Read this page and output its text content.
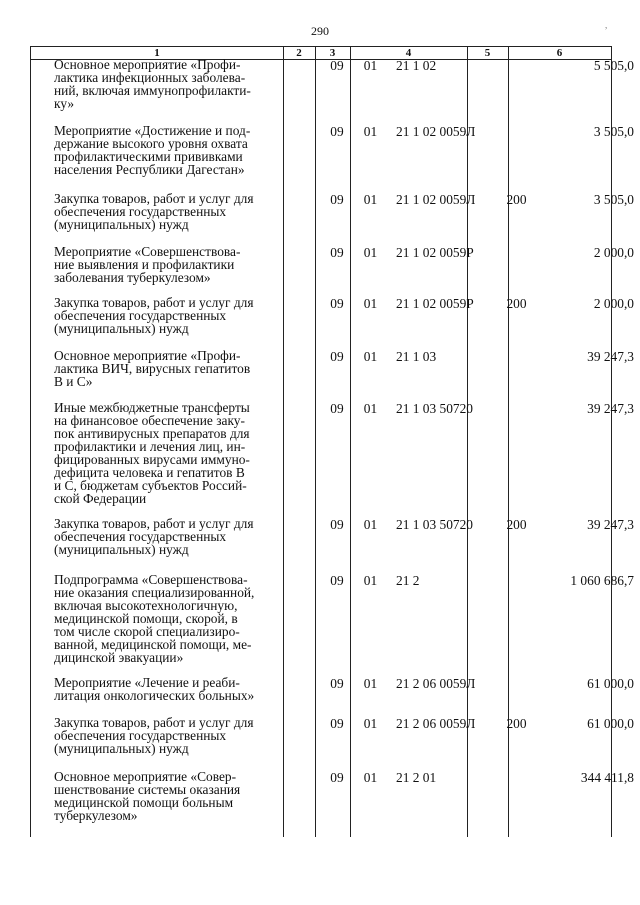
290	,
1	2	3	4	5	6
Основное мероприятие «Профи-
лактика инфекционных заболева-
ний, включая иммунопрофилакти-
ку»
09	01	21 1 02	5 505,0
Мероприятие «Достижение и под-
держание высокого уровня охвата
профилактическими прививками
населения Республики Дагестан»
09	01	21 1 02 0059Л	3 505,0
Закупка товаров, работ и услуг для
обеспечения государственных
(муниципальных) нужд
09	01	21 1 02 0059Л	200	3 505,0
Мероприятие «Совершенствова-
ние выявления и профилактики
заболевания туберкулезом»
09	01	21 1 02 0059Р	2 000,0
Закупка товаров, работ и услуг для
обеспечения государственных
(муниципальных) нужд
09	01	21 1 02 0059Р	200	2 000,0
Основное мероприятие «Профи-
лактика ВИЧ, вирусных гепатитов
В и С»
09	01	21 1 03	39 247,3
Иные межбюджетные трансферты
на финансовое обеспечение заку-
пок антивирусных препаратов для
профилактики и лечения лиц, ин-
фицированных вирусами иммуно-
дефицита человека и гепатитов В
и С, бюджетам субъектов Россий-
ской Федерации
09	01	21 1 03 50720	39 247,3
Закупка товаров, работ и услуг для
обеспечения государственных
(муниципальных) нужд
09	01	21 1 03 50720	200	39 247,3
Подпрограмма «Совершенствова-
ние оказания специализированной,
включая высокотехнологичную,
медицинской помощи, скорой, в
том числе скорой специализиро-
ванной, медицинской помощи, ме-
дицинской эвакуации»
09	01	21 2	1 060 686,7
Мероприятие «Лечение и реаби-
литация онкологических больных»
09	01	21 2 06 0059Л	61 000,0
Закупка товаров, работ и услуг для
обеспечения государственных
(муниципальных) нужд
09	01	21 2 06 0059Л	200	61 000,0
Основное мероприятие «Совер-
шенствование системы оказания
медицинской помощи больным
туберкулезом»
09	01	21 2 01	344 411,8
